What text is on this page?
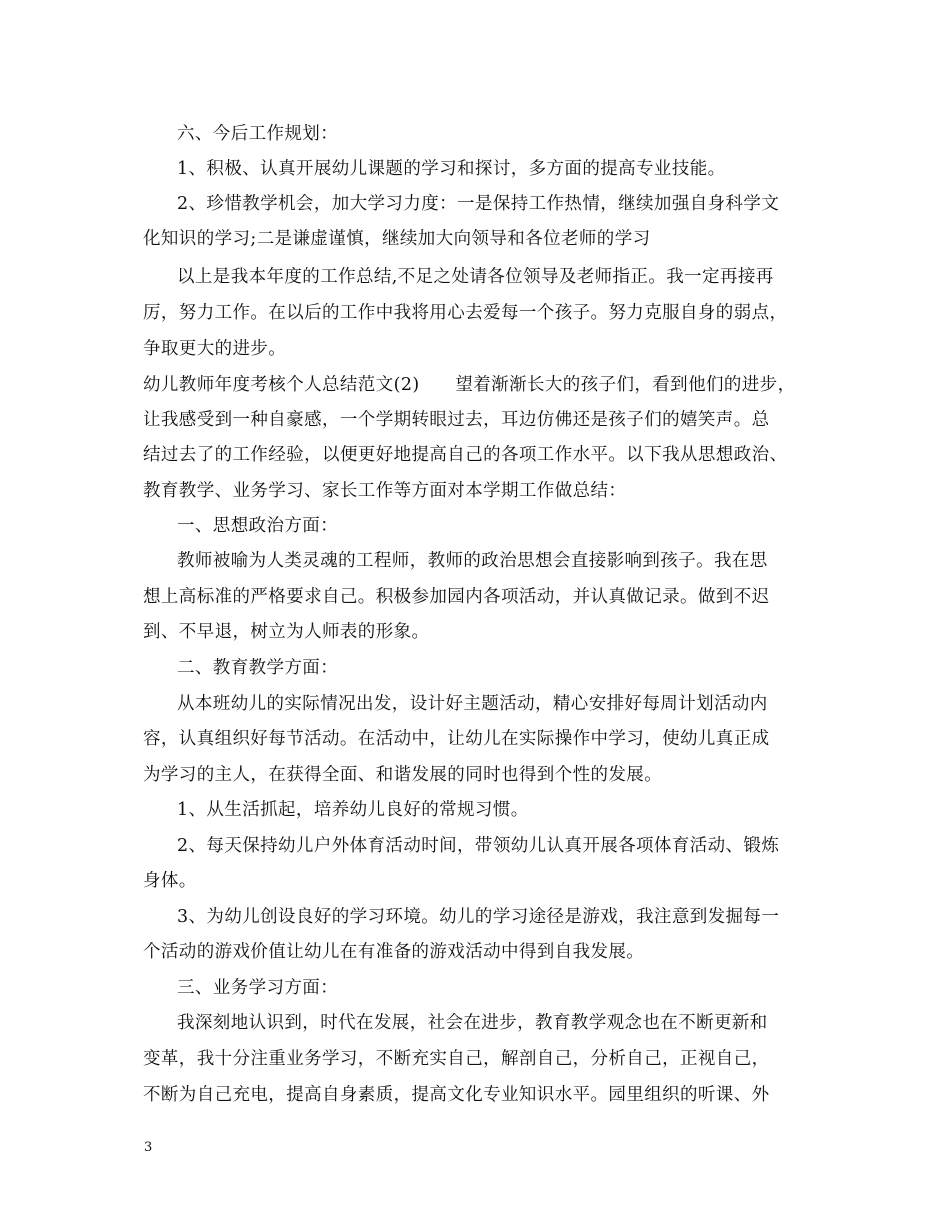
六、今后工作规划：
1、积极、认真开展幼儿课题的学习和探讨，多方面的提高专业技能。
2、珍惜教学机会，加大学习力度：一是保持工作热情，继续加强自身科学文
化知识的学习;二是谦虚谨慎，继续加大向领导和各位老师的学习
以上是我本年度的工作总结,不足之处请各位领导及老师指正。我一定再接再
厉，努力工作。在以后的工作中我将用心去爱每一个孩子。努力克服自身的弱点，
争取更大的进步。
幼儿教师年度考核个人总结范文(2)　　望着渐渐长大的孩子们，看到他们的进步，
让我感受到一种自豪感，一个学期转眼过去，耳边仿佛还是孩子们的嬉笑声。总
结过去了的工作经验，以便更好地提高自己的各项工作水平。以下我从思想政治、
教育教学、业务学习、家长工作等方面对本学期工作做总结：
一、思想政治方面：
教师被喻为人类灵魂的工程师，教师的政治思想会直接影响到孩子。我在思
想上高标准的严格要求自己。积极参加园内各项活动，并认真做记录。做到不迟
到、不早退，树立为人师表的形象。
二、教育教学方面：
从本班幼儿的实际情况出发，设计好主题活动，精心安排好每周计划活动内
容，认真组织好每节活动。在活动中，让幼儿在实际操作中学习，使幼儿真正成
为学习的主人，在获得全面、和谐发展的同时也得到个性的发展。
1、从生活抓起，培养幼儿良好的常规习惯。
2、每天保持幼儿户外体育活动时间，带领幼儿认真开展各项体育活动、锻炼
身体。
3、为幼儿创设良好的学习环境。幼儿的学习途径是游戏，我注意到发掘每一
个活动的游戏价值让幼儿在有准备的游戏活动中得到自我发展。
三、业务学习方面：
我深刻地认识到，时代在发展，社会在进步，教育教学观念也在不断更新和
变革，我十分注重业务学习，不断充实自己，解剖自己，分析自己，正视自己，
不断为自己充电，提高自身素质，提高文化专业知识水平。园里组织的听课、外
3
